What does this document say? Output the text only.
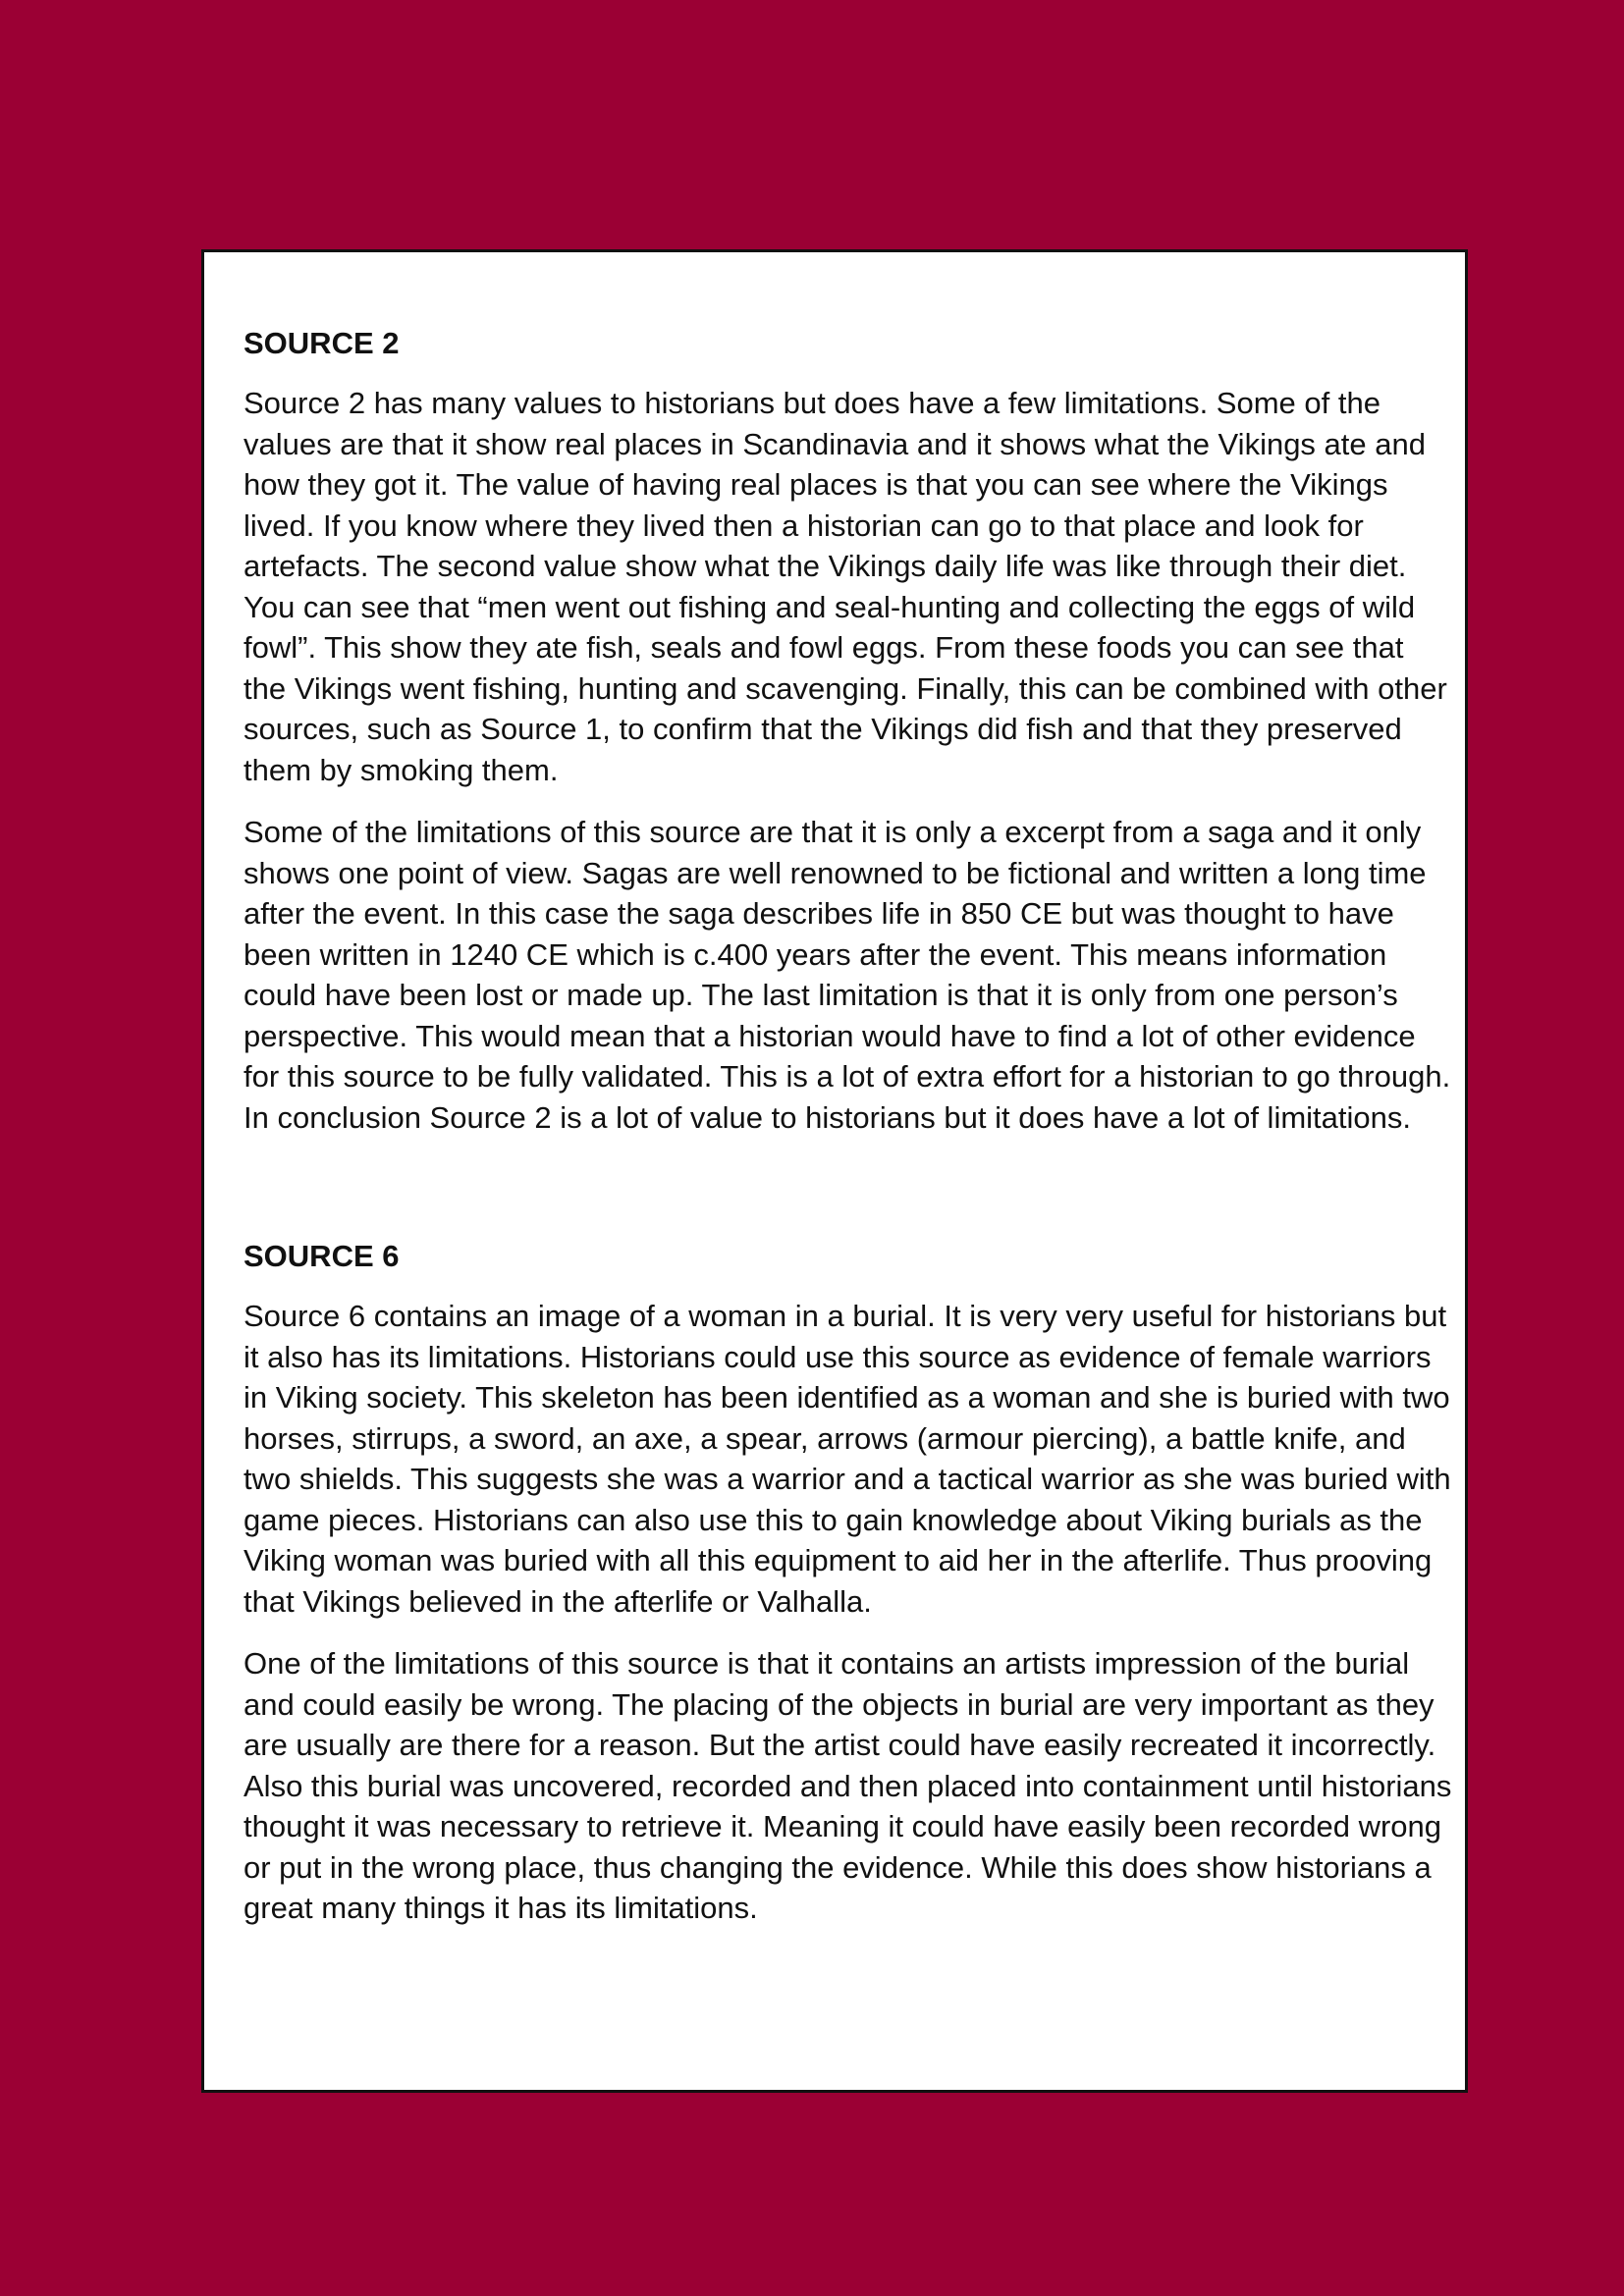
SOURCE 2

Source 2 has many values to historians but does have a few limitations. Some of the values are that it show real places in Scandinavia and it shows what the Vikings ate and how they got it. The value of having real places is that you can see where the Vikings lived. If you know where they lived then a historian can go to that place and look for artefacts. The second value show what the Vikings daily life was like through their diet. You can see that “men went out fishing and seal-hunting and collecting the eggs of wild fowl”. This show they ate fish, seals and fowl eggs. From these foods you can see that the Vikings went fishing, hunting and scavenging. Finally, this can be combined with other sources, such as Source 1, to confirm that the Vikings did fish and that they preserved them by smoking them.

Some of the limitations of this source are that it is only a excerpt from a saga and it only shows one point of view. Sagas are well renowned to be fictional and written a long time after the event. In this case the saga describes life in 850 CE but was thought to have been written in 1240 CE which is c.400 years after the event. This means information could have been lost or made up. The last limitation is that it is only from one person’s perspective. This would mean that a historian would have to find a lot of other evidence for this source to be fully validated. This is a lot of extra effort for a historian to go through. In conclusion Source 2 is a lot of value to historians but it does have a lot of limitations.

SOURCE 6

Source 6 contains an image of a woman in a burial. It is very very useful for historians but it also has its limitations. Historians could use this source as evidence of female warriors in Viking society. This skeleton has been identified as a woman and she is buried with two horses, stirrups, a sword, an axe, a spear, arrows (armour piercing), a battle knife, and two shields. This suggests she was a warrior and a tactical warrior as she was buried with game pieces. Historians can also use this to gain knowledge about Viking burials as the Viking woman was buried with all this equipment to aid her in the afterlife. Thus prooving that Vikings believed in the afterlife or Valhalla.

One of the limitations of this source is that it contains an artists impression of the burial and could easily be wrong. The placing of the objects in burial are very important as they are usually are there for a reason. But the artist could have easily recreated it incorrectly. Also this burial was uncovered, recorded and then placed into containment until historians thought it was necessary to retrieve it. Meaning it could have easily been recorded wrong or put in the wrong place, thus changing the evidence. While this does show historians a great many things it has its limitations.
